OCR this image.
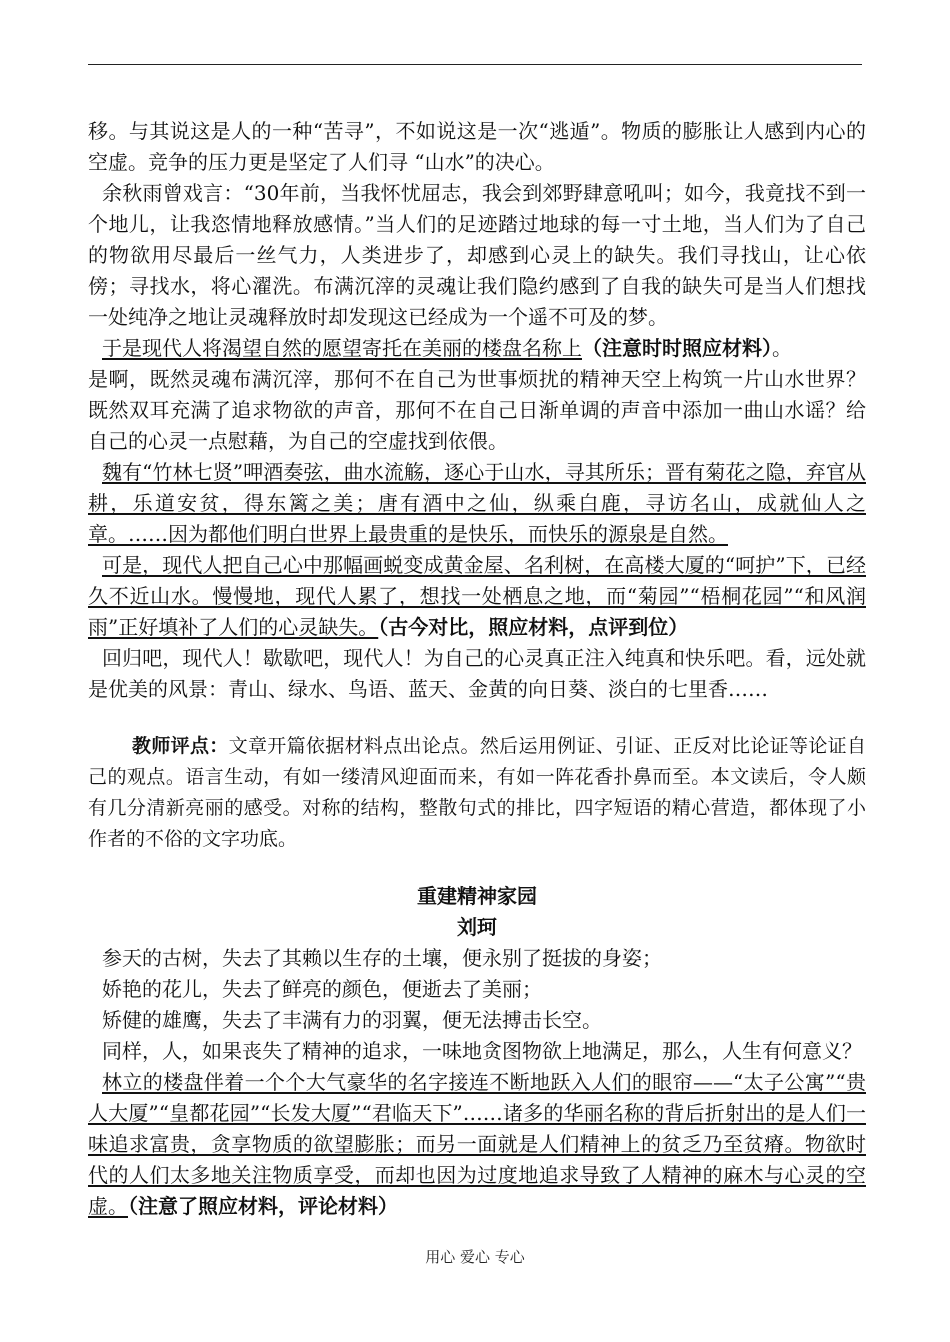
移。与其说这是人的一种“苦寻”，不如说这是一次“逃遁”。物质的膨胀让人感到内心的空虚。竞争的压力更是坚定了人们寻 “山水”的决心。

余秋雨曾戏言：“30年前，当我怀忧屈志，我会到郊野肆意吼叫；如今，我竟找不到一个地儿，让我恣情地释放感情。”当人们的足迹踏过地球的每一寸土地，当人们为了自己的物欲用尽最后一丝气力，人类进步了，却感到心灵上的缺失。我们寻找山，让心依傍；寻找水，将心濯洗。布满沉滓的灵魂让我们隐约感到了自我的缺失可是当人们想找一处纯净之地让灵魂释放时却发现这已经成为一个遥不可及的梦。

于是现代人将渴望自然的愿望寄托在美丽的楼盘名称上（注意时时照应材料）。

是啊，既然灵魂布满沉滓，那何不在自己为世事烦扰的精神天空上构筑一片山水世界？既然双耳充满了追求物欲的声音，那何不在自己日渐单调的声音中添加一曲山水谣？给自己的心灵一点慰藉，为自己的空虚找到依偎。

魏有“竹林七贤”呷酒奏弦，曲水流觞，逐心于山水，寻其所乐；晋有菊花之隐，弃官从耕，乐道安贫，得东篱之美；唐有酒中之仙，纵乘白鹿，寻访名山，成就仙人之章。……因为都他们明白世界上最贵重的是快乐，而快乐的源泉是自然。

可是，现代人把自己心中那幅画蜕变成黄金屋、名利树，在高楼大厦的“呵护”下，已经久不近山水。慢慢地，现代人累了，想找一处栖息之地，而“菊园”“梧桐花园”“和风润雨”正好填补了人们的心灵缺失。（古今对比，照应材料，点评到位）

回归吧，现代人！歇歇吧，现代人！为自己的心灵真正注入纯真和快乐吧。看，远处就是优美的风景：青山、绿水、鸟语、蓝天、金黄的向日葵、淡白的七里香……

教师评点：文章开篇依据材料点出论点。然后运用例证、引证、正反对比论证等论证自己的观点。语言生动，有如一缕清风迎面而来，有如一阵花香扑鼻而至。本文读后，令人颇有几分清新亮丽的感受。对称的结构，整散句式的排比，四字短语的精心营造，都体现了小作者的不俗的文字功底。

重建精神家园

刘珂

参天的古树，失去了其赖以生存的土壤，便永别了挺拔的身姿；

娇艳的花儿，失去了鲜亮的颜色，便逝去了美丽；

矫健的雄鹰，失去了丰满有力的羽翼，便无法搏击长空。

同样，人，如果丧失了精神的追求，一味地贪图物欲上地满足，那么，人生有何意义？

林立的楼盘伴着一个个大气豪华的名字接连不断地跃入人们的眼帘——“太子公寓”“贵人大厦”“皇都花园”“长发大厦”“君临天下”……诸多的华丽名称的背后折射出的是人们一味追求富贵，贪享物质的欲望膨胀；而另一面就是人们精神上的贫乏乃至贫瘠。物欲时代的人们太多地关注物质享受，而却也因为过度地追求导致了人精神的麻木与心灵的空虚。（注意了照应材料，评论材料）

用心 爱心 专心
